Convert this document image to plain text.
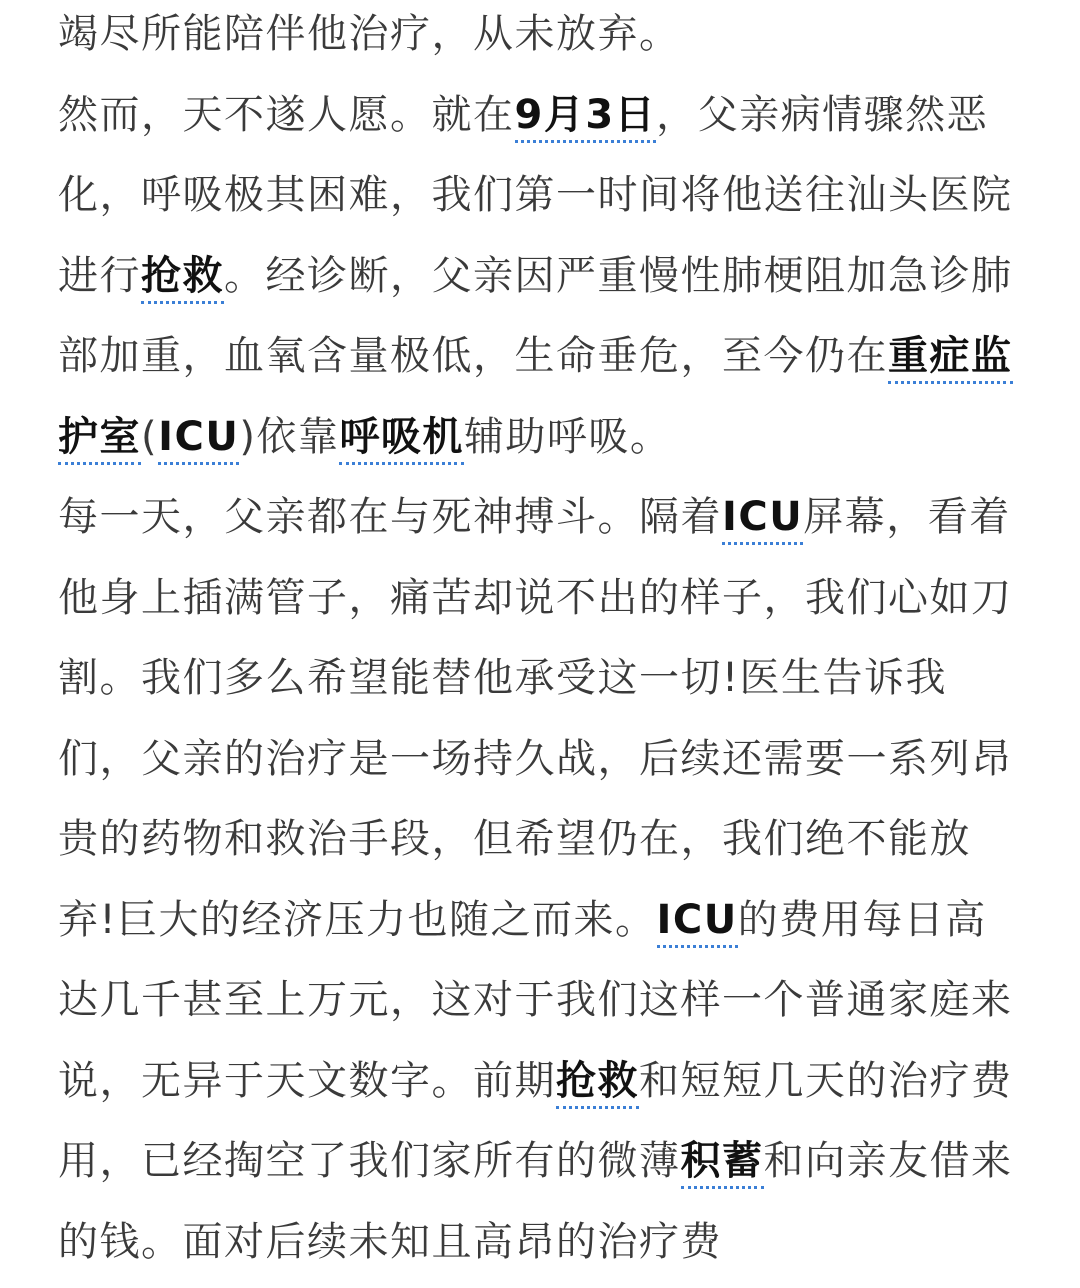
竭尽所能陪伴他治疗，从未放弃。

然而，天不遂人愿。就在9月3日，父亲病情骤然恶化，呼吸极其困难，我们第一时间将他送往汕头医院进行抢救。经诊断，父亲因严重慢性肺梗阻加急诊肺部加重，血氧含量极低，生命垂危，至今仍在重症监护室(ICU)依靠呼吸机辅助呼吸。

每一天，父亲都在与死神搏斗。隔着ICU屏幕，看着他身上插满管子，痛苦却说不出的样子，我们心如刀割。我们多么希望能替他承受这一切!医生告诉我们，父亲的治疗是一场持久战，后续还需要一系列昂贵的药物和救治手段，但希望仍在，我们绝不能放弃!巨大的经济压力也随之而来。ICU的费用每日高达几千甚至上万元，这对于我们这样一个普通家庭来说，无异于天文数字。前期抢救和短短几天的治疗费用，已经掏空了我们家所有的微薄积蓄和向亲友借来的钱。面对后续未知且高昂的治疗费
